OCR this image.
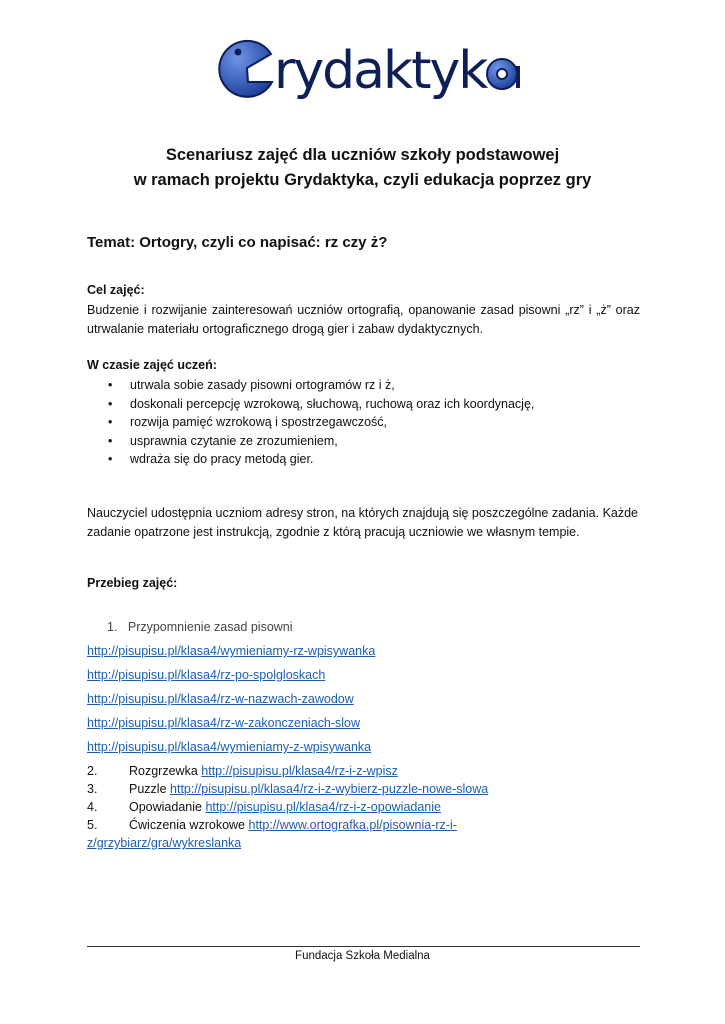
rydaktyk
Scenariusz zajęć dla uczniów szkoły podstawowej
w ramach projektu Grydaktyka, czyli edukacja poprzez gry
Temat: Ortogry, czyli co napisać: rz czy ż?
Cel zajęć:
Budzenie i rozwijanie zainteresowań uczniów ortografią, opanowanie zasad pisowni „rz” i „ż” oraz utrwalanie materiału ortograficznego drogą gier i zabaw dydaktycznych.
W czasie zajęć uczeń:
• utrwala sobie zasady pisowni ortogramów rz i ż,
• doskonali percepcję wzrokową, słuchową, ruchową oraz ich koordynację,
• rozwija pamięć wzrokową i spostrzegawczość,
• usprawnia czytanie ze zrozumieniem,
• wdraża się do pracy metodą gier.
Nauczyciel udostępnia uczniom adresy stron, na których znajdują się poszczególne zadania. Każde zadanie opatrzone jest instrukcją, zgodnie z którą pracują uczniowie we własnym tempie.
Przebieg zajęć:
1. Przypomnienie zasad pisowni
http://pisupisu.pl/klasa4/wymieniamy-rz-wpisywanka
http://pisupisu.pl/klasa4/rz-po-spolgloskach
http://pisupisu.pl/klasa4/rz-w-nazwach-zawodow
http://pisupisu.pl/klasa4/rz-w-zakonczeniach-slow
http://pisupisu.pl/klasa4/wymieniamy-z-wpisywanka
2.	Rozgrzewka http://pisupisu.pl/klasa4/rz-i-z-wpisz
3.	Puzzle http://pisupisu.pl/klasa4/rz-i-z-wybierz-puzzle-nowe-slowa
4.	Opowiadanie http://pisupisu.pl/klasa4/rz-i-z-opowiadanie
5.	Ćwiczenia wzrokowe http://www.ortografka.pl/pisownia-rz-i-
z/grzybiarz/gra/wykreslanka
Fundacja Szkoła Medialna
